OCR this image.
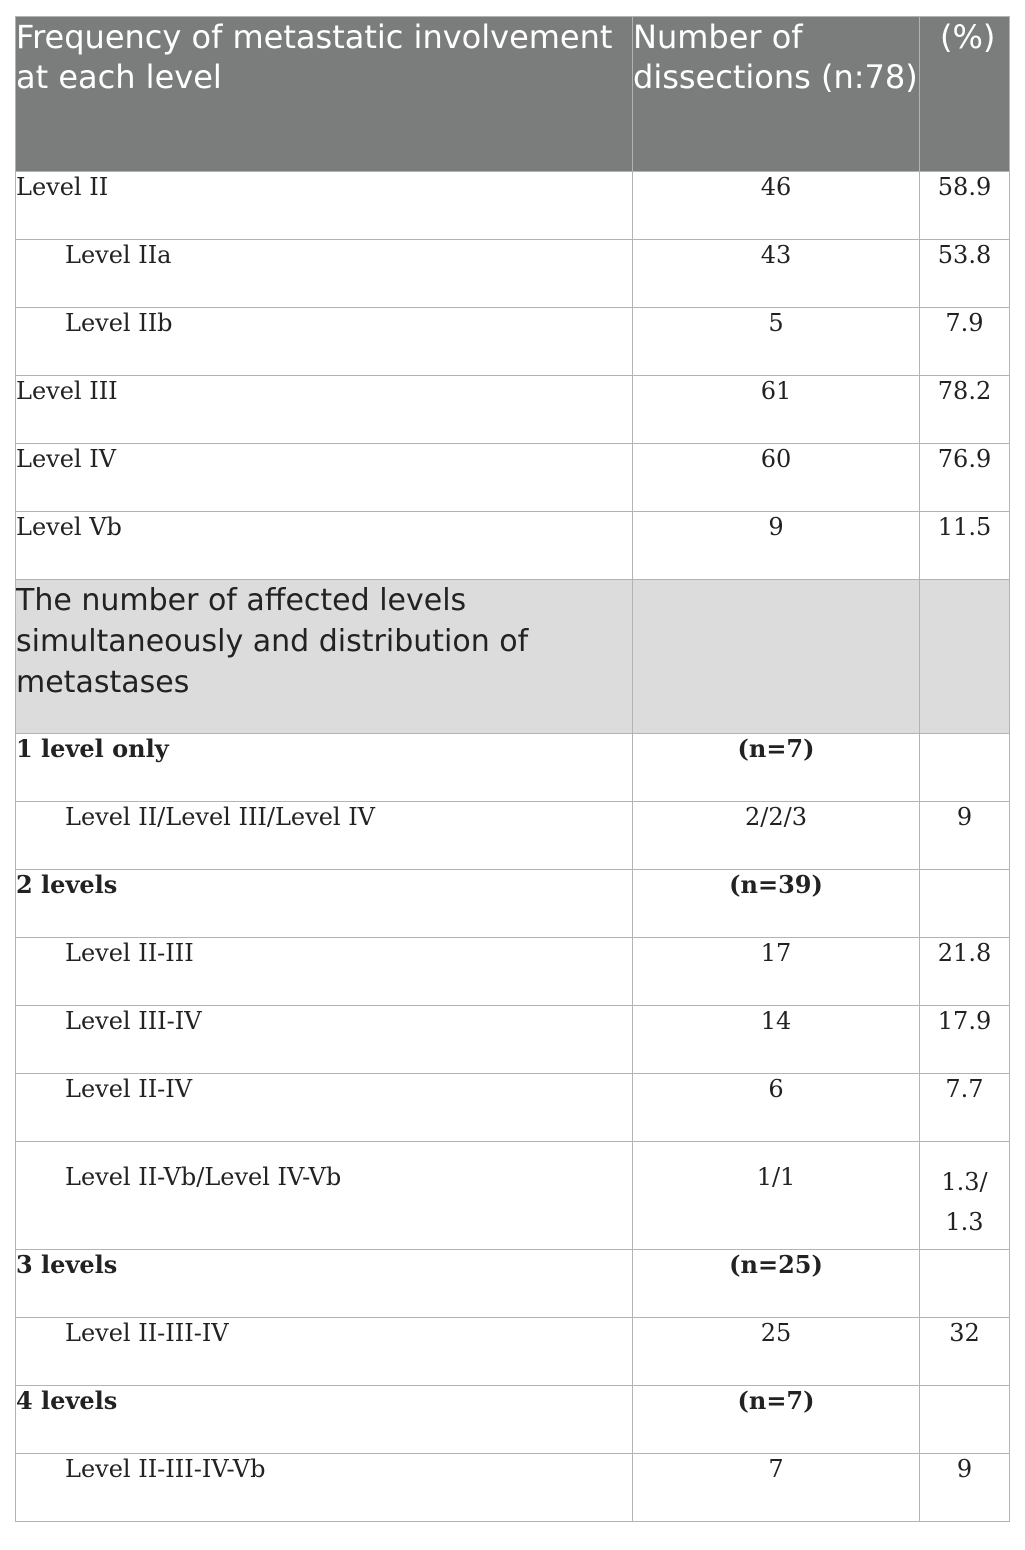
Frequency of metastatic involvement at each level	Number of dissections (n:78)	(%)
Level II	46	58.9
Level IIa	43	53.8
Level IIb	5	7.9
Level III	61	78.2
Level IV	60	76.9
Level Vb	9	11.5
The number of affected levels simultaneously and distribution of metastases		
1 level only	(n=7)	
Level II/Level III/Level IV	2/2/3	9
2 levels	(n=39)	
Level II-III	17	21.8
Level III-IV	14	17.9
Level II-IV	6	7.7
Level II-Vb/Level IV-Vb	1/1	1.3/
1.3
3 levels	(n=25)	
Level II-III-IV	25	32
4 levels	(n=7)	
Level II-III-IV-Vb	7	9
